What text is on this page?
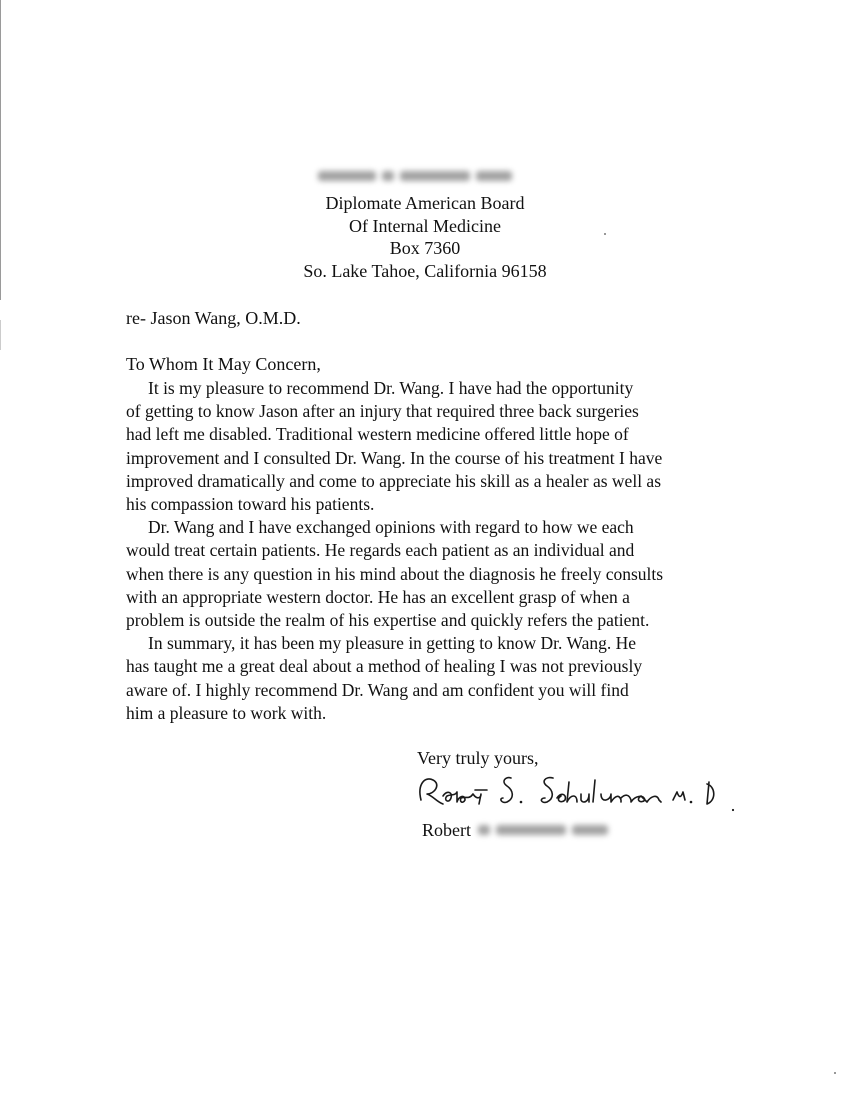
Diplomate American Board
Of Internal Medicine
Box 7360
So. Lake Tahoe, California 96158
re- Jason Wang, O.M.D.
To Whom It May Concern,
It is my pleasure to recommend Dr. Wang. I have had the opportunity
of getting to know Jason after an injury that required three back surgeries
had left me disabled. Traditional western medicine offered little hope of
improvement and I consulted Dr. Wang. In the course of his treatment I have
improved dramatically and come to appreciate his skill as a healer as well as
his compassion toward his patients.
Dr. Wang and I have exchanged opinions with regard to how we each
would treat certain patients. He regards each patient as an individual and
when there is any question in his mind about the diagnosis he freely consults
with an appropriate western doctor. He has an excellent grasp of when a
problem is outside the realm of his expertise and quickly refers the patient.
In summary, it has been my pleasure in getting to know Dr. Wang. He
has taught me a great deal about a method of healing I was not previously
aware of. I highly recommend Dr. Wang and am confident you will find
him a pleasure to work with.
Very truly yours,
Robert
